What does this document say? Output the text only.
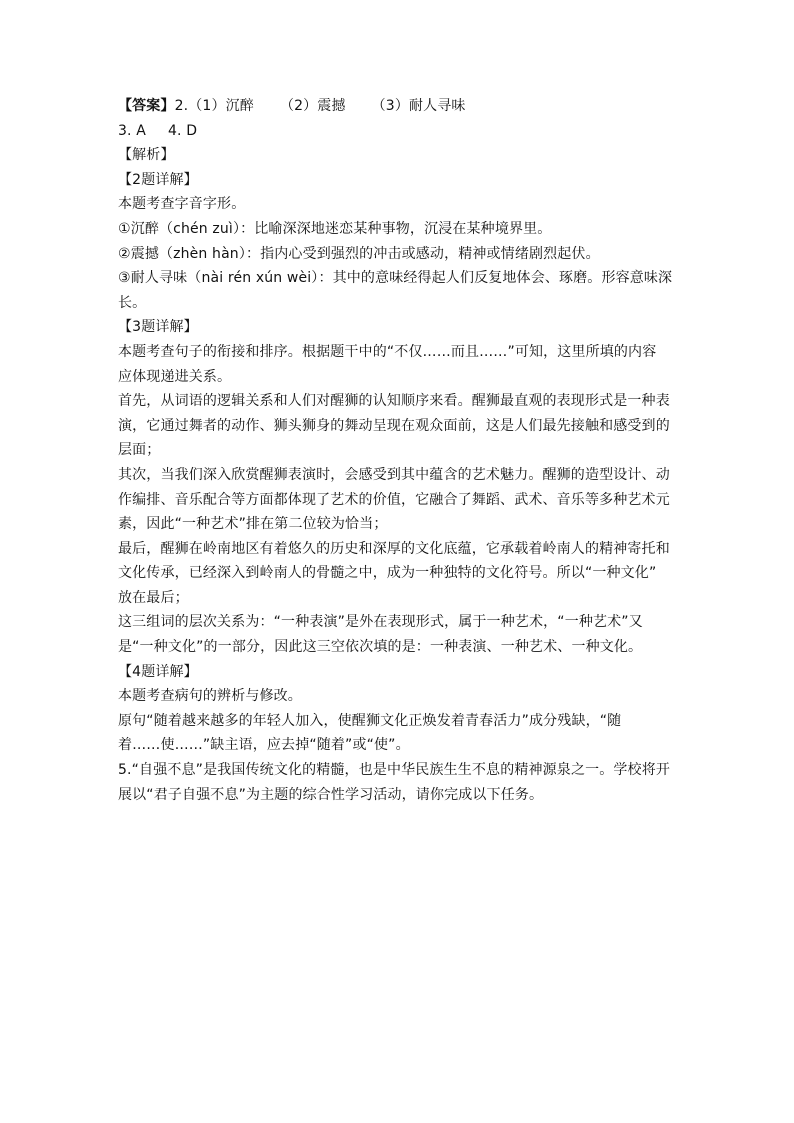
【答案】2.（1）沉醉 （2）震撼 （3）耐人寻味
3. A 4. D
【解析】
【2题详解】
本题考查字音字形。
①沉醉（chén zuì）：比喻深深地迷恋某种事物，沉浸在某种境界里。
②震撼（zhèn hàn）：指内心受到强烈的冲击或感动，精神或情绪剧烈起伏。
③耐人寻味（nài rén xún wèi）：其中的意味经得起人们反复地体会、琢磨。形容意味深
长。
【3题详解】
本题考查句子的衔接和排序。根据题干中的“不仅……而且……”可知，这里所填的内容
应体现递进关系。
首先，从词语的逻辑关系和人们对醒狮的认知顺序来看。醒狮最直观的表现形式是一种表
演，它通过舞者的动作、狮头狮身的舞动呈现在观众面前，这是人们最先接触和感受到的
层面；
其次，当我们深入欣赏醒狮表演时，会感受到其中蕴含的艺术魅力。醒狮的造型设计、动
作编排、音乐配合等方面都体现了艺术的价值，它融合了舞蹈、武术、音乐等多种艺术元
素，因此“一种艺术”排在第二位较为恰当；
最后，醒狮在岭南地区有着悠久的历史和深厚的文化底蕴，它承载着岭南人的精神寄托和
文化传承，已经深入到岭南人的骨髓之中，成为一种独特的文化符号。所以“一种文化”
放在最后；
这三组词的层次关系为：“一种表演”是外在表现形式，属于一种艺术，“一种艺术”又
是“一种文化”的一部分，因此这三空依次填的是：一种表演、一种艺术、一种文化。
【4题详解】
本题考查病句的辨析与修改。
原句“随着越来越多的年轻人加入，使醒狮文化正焕发着青春活力”成分残缺，“随
着……使……”缺主语，应去掉“随着”或“使”。
5.“自强不息”是我国传统文化的精髓，也是中华民族生生不息的精神源泉之一。学校将开
展以“君子自强不息”为主题的综合性学习活动，请你完成以下任务。
